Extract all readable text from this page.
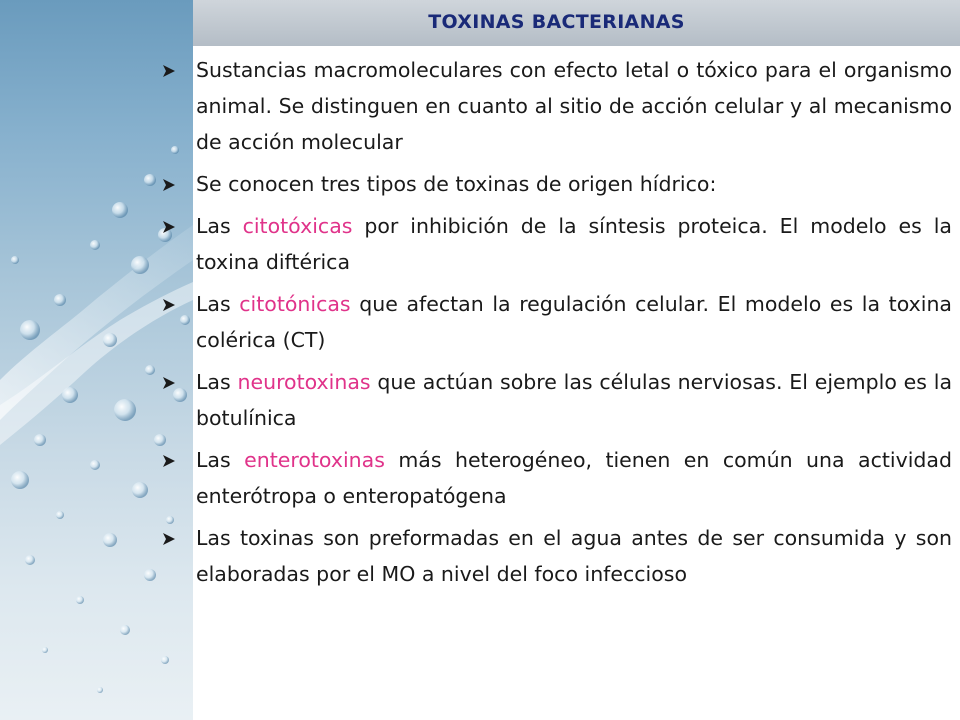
TOXINAS BACTERIANAS
Sustancias macromoleculares con efecto letal o tóxico para el organismo animal. Se distinguen en cuanto al sitio de acción celular y al mecanismo de acción molecular
Se conocen tres tipos de toxinas de origen hídrico:
Las citotóxicas por inhibición de la síntesis proteica. El modelo es la toxina diftérica
Las citotónicas que afectan la regulación celular. El modelo es la toxina colérica (CT)
Las neurotoxinas que actúan sobre las células nerviosas. El ejemplo es la botulínica
Las enterotoxinas más heterogéneo, tienen en común una actividad enterótropa o enteropatógena
Las toxinas son preformadas en el agua antes de ser consumida y son elaboradas por el MO a nivel del foco infeccioso
